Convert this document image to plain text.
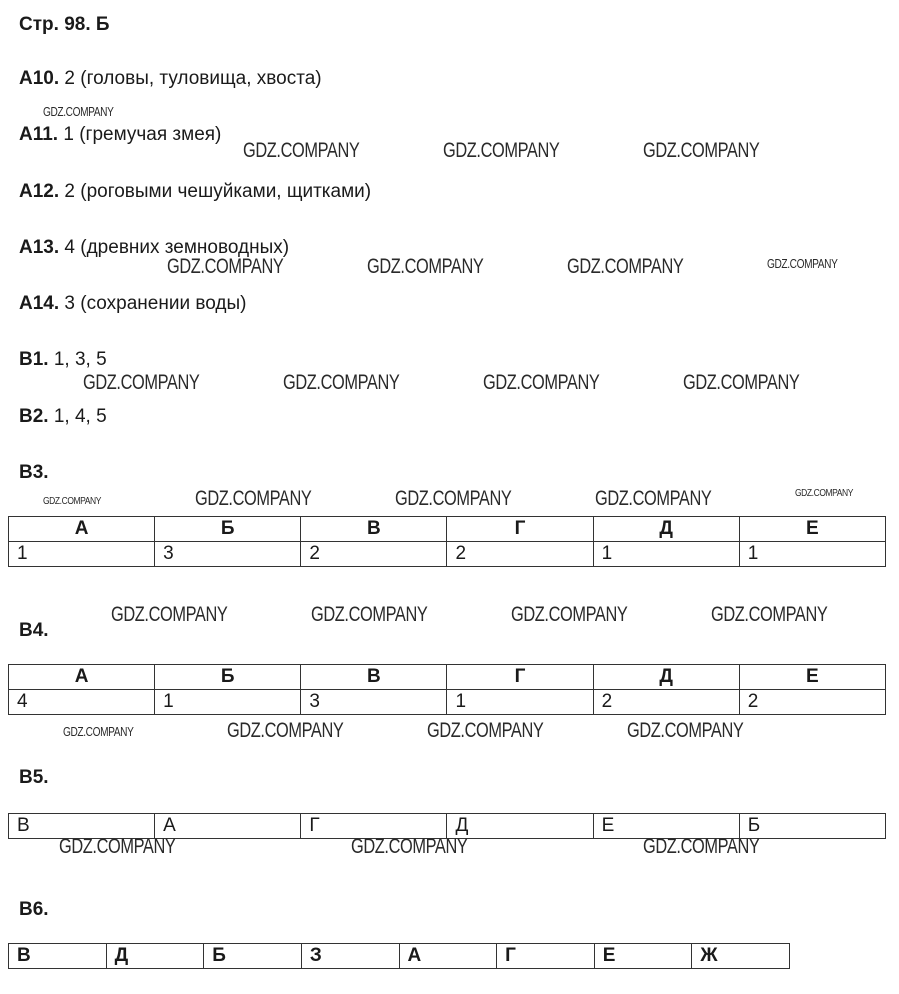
Стр. 98. Б
A10. 2 (головы, туловища, хвоста)
A11. 1 (гремучая змея)
A12. 2 (роговыми чешуйками, щитками)
A13. 4 (древних земноводных)
A14. 3 (сохранении воды)
B1. 1, 3, 5
B2. 1, 4, 5
B3.
А	Б	В	Г	Д	Е
1	3	2	2	1	1
B4.
А	Б	В	Г	Д	Е
4	1	3	1	2	2
B5.
В	А	Г	Д	Е	Б
B6.
В	Д	Б	З	А	Г	Е	Ж
GDZ.COMPANY
GDZ.COMPANY	GDZ.COMPANY	GDZ.COMPANY
GDZ.COMPANY	GDZ.COMPANY	GDZ.COMPANY	GDZ.COMPANY
GDZ.COMPANY	GDZ.COMPANY	GDZ.COMPANY	GDZ.COMPANY
GDZ.COMPANY	GDZ.COMPANY	GDZ.COMPANY	GDZ.COMPANY	GDZ.COMPANY
GDZ.COMPANY	GDZ.COMPANY	GDZ.COMPANY	GDZ.COMPANY
GDZ.COMPANY	GDZ.COMPANY	GDZ.COMPANY	GDZ.COMPANY
GDZ.COMPANY	GDZ.COMPANY	GDZ.COMPANY
